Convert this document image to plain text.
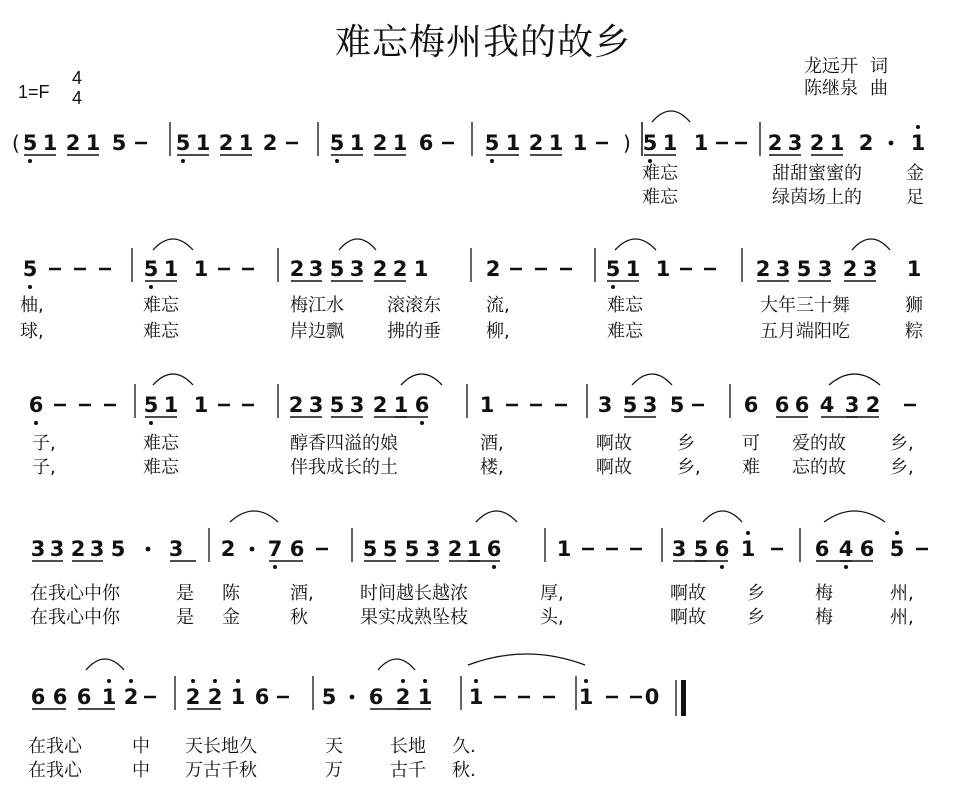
难忘梅州我的故乡
1=F
4
4
龙远开 词
陈继泉 曲
5 1 2 1 5 5 1 2 1 2 5 1 2 1 6 5 1 2 1 1	5 1 1	2 3 2 1 2 1
5	5 1 1	2 3 5 3 2 2 1	2	5 1 1	2 3 5 3 2 3 1
6	5 1 1	2 3 5 3 2 1 6 1	3 5 3 5	6 6 6 4 3 2
3 3 2 3 5 3 2 7 6	5 5 5 3 2 1 6	1	3 5 6 1	6 4 6 5
6 6 6 1 2 2 2 1 6 5 6 2 1 1	1 0
(	)
难忘	甜甜蜜蜜的 金
难忘	绿茵场上的 足
柚,	难忘	梅江水 滚滚东	流,	难忘	大年三十舞	狮
球,	难忘	岸边飘 拂的垂	柳,	难忘	五月端阳吃	粽
子,	难忘	醇香四溢的娘	酒,	啊故	乡	可 爱的故 乡,
子,	难忘	伴我成长的土	楼,	啊故	乡, 难 忘的故 乡,
在我心中你	是 陈	酒,	时间越长越浓	厚,	啊故 乡	梅	州,
在我心中你	是 金	秋	果实成熟坠枝	头,	啊故 乡	梅	州,
在我心	中 天长地久	天	长地 久.
在我心	中 万古千秋	万	古千 秋.
